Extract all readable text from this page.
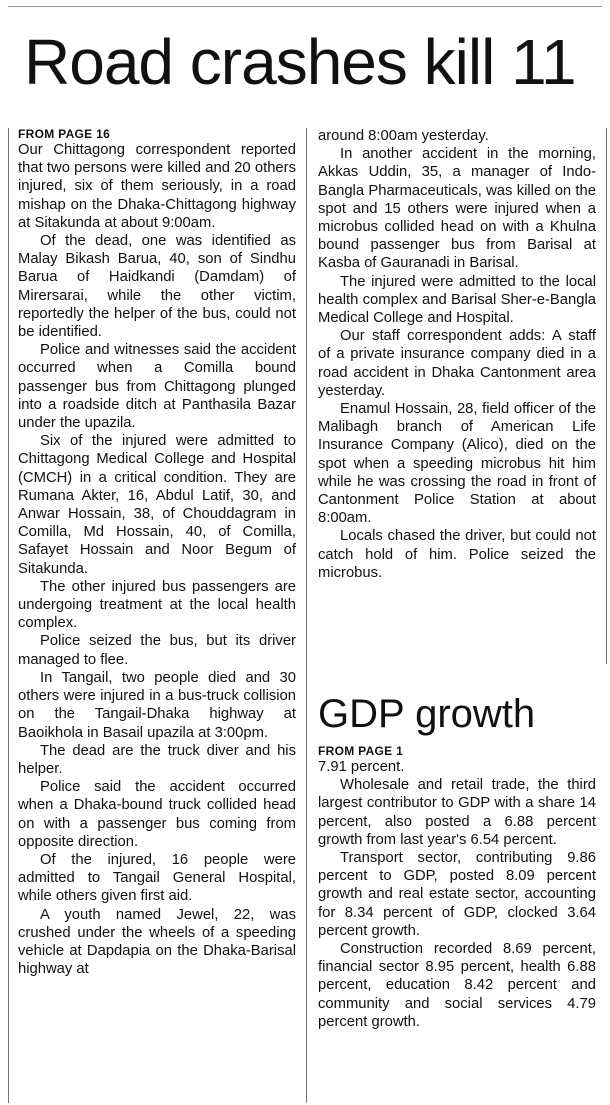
Road crashes kill 11
FROM PAGE 16

Our Chittagong correspondent reported that two persons were killed and 20 others injured, six of them seriously, in a road mishap on the Dhaka-Chittagong highway at Sitakunda at about 9:00am.

Of the dead, one was identified as Malay Bikash Barua, 40, son of Sindhu Barua of Haidkandi (Damdam) of Mirersarai, while the other victim, reportedly the helper of the bus, could not be identified.

Police and witnesses said the accident occurred when a Comilla bound passenger bus from Chittagong plunged into a roadside ditch at Panthasila Bazar under the upazila.

Six of the injured were admitted to Chittagong Medical College and Hospital (CMCH) in a critical condition. They are Rumana Akter, 16, Abdul Latif, 30, and Anwar Hossain, 38, of Chouddagram in Comilla, Md Hossain, 40, of Comilla, Safayet Hossain and Noor Begum of Sitakunda.

The other injured bus passengers are undergoing treatment at the local health complex.

Police seized the bus, but its driver managed to flee.

In Tangail, two people died and 30 others were injured in a bus-truck collision on the Tangail-Dhaka highway at Baoikhola in Basail upazila at 3:00pm.

The dead are the truck diver and his helper.

Police said the accident occurred when a Dhaka-bound truck collided head on with a passenger bus coming from opposite direction.

Of the injured, 16 people were admitted to Tangail General Hospital, while others given first aid.

A youth named Jewel, 22, was crushed under the wheels of a speeding vehicle at Dapdapia on the Dhaka-Barisal highway at

around 8:00am yesterday.

In another accident in the morning, Akkas Uddin, 35, a manager of Indo-Bangla Pharmaceuticals, was killed on the spot and 15 others were injured when a microbus collided head on with a Khulna bound passenger bus from Barisal at Kasba of Gauranadi in Barisal.

The injured were admitted to the local health complex and Barisal Sher-e-Bangla Medical College and Hospital.

Our staff correspondent adds: A staff of a private insurance company died in a road accident in Dhaka Cantonment area yesterday.

Enamul Hossain, 28, field officer of the Malibagh branch of American Life Insurance Company (Alico), died on the spot when a speeding microbus hit him while he was crossing the road in front of Cantonment Police Station at about 8:00am.

Locals chased the driver, but could not catch hold of him. Police seized the microbus.

GDP growth
FROM PAGE 1

7.91 percent.

Wholesale and retail trade, the third largest contributor to GDP with a share 14 percent, also posted a 6.88 percent growth from last year's 6.54 percent.

Transport sector, contributing 9.86 percent to GDP, posted 8.09 percent growth and real estate sector, accounting for 8.34 percent of GDP, clocked 3.64 percent growth.

Construction recorded 8.69 percent, financial sector 8.95 percent, health 6.88 percent, education 8.42 percent and community and social services 4.79 percent growth.
